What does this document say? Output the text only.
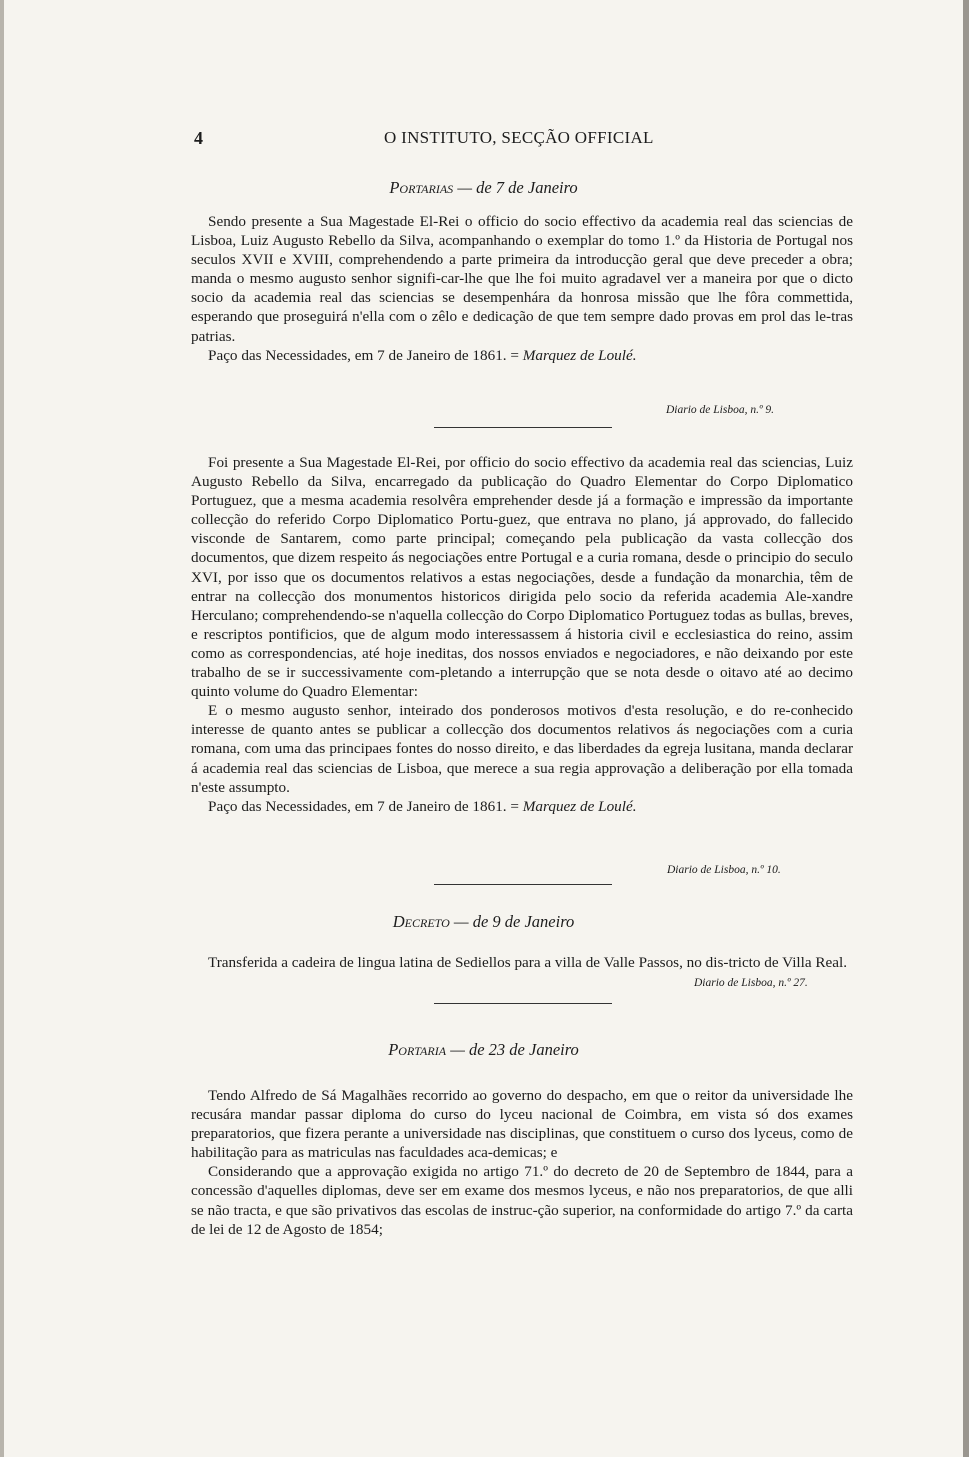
4	O INSTITUTO, SECÇÃO OFFICIAL
Portarias — de 7 de Janeiro

Sendo presente a Sua Magestade El-Rei o officio do socio effectivo da academia real das sciencias de Lisboa, Luiz Augusto Rebello da Silva, acompanhando o exemplar do tomo 1.º da Historia de Portugal nos seculos XVII e XVIII, comprehendendo a parte primeira da introducção geral que deve preceder a obra; manda o mesmo augusto senhor signifi-car-lhe que lhe foi muito agradavel ver a maneira por que o dicto socio da academia real das sciencias se desempenhára da honrosa missão que lhe fôra commettida, esperando que proseguirá n'ella com o zêlo e dedicação de que tem sempre dado provas em prol das le-tras patrias.

Paço das Necessidades, em 7 de Janeiro de 1861. = Marquez de Loulé.

Diario de Lisboa, n.º 9.

Foi presente a Sua Magestade El-Rei, por officio do socio effectivo da academia real das sciencias, Luiz Augusto Rebello da Silva, encarregado da publicação do Quadro Elementar do Corpo Diplomatico Portuguez, que a mesma academia resolvêra emprehender desde já a formação e impressão da importante collecção do referido Corpo Diplomatico Portu-guez, que entrava no plano, já approvado, do fallecido visconde de Santarem, como parte principal; começando pela publicação da vasta collecção dos documentos, que dizem respeito ás negociações entre Portugal e a curia romana, desde o principio do seculo XVI, por isso que os documentos relativos a estas negociações, desde a fundação da monarchia, têm de entrar na collecção dos monumentos historicos dirigida pelo socio da referida academia Ale-xandre Herculano; comprehendendo-se n'aquella collecção do Corpo Diplomatico Portuguez todas as bullas, breves, e rescriptos pontificios, que de algum modo interessassem á historia civil e ecclesiastica do reino, assim como as correspondencias, até hoje ineditas, dos nossos enviados e negociadores, e não deixando por este trabalho de se ir successivamente com-pletando a interrupção que se nota desde o oitavo até ao decimo quinto volume do Quadro Elementar:

E o mesmo augusto senhor, inteirado dos ponderosos motivos d'esta resolução, e do re-conhecido interesse de quanto antes se publicar a collecção dos documentos relativos ás negociações com a curia romana, com uma das principaes fontes do nosso direito, e das liberdades da egreja lusitana, manda declarar á academia real das sciencias de Lisboa, que merece a sua regia approvação a deliberação por ella tomada n'este assumpto.

Paço das Necessidades, em 7 de Janeiro de 1861. = Marquez de Loulé.

Diario de Lisboa, n.º 10.
Decreto — de 9 de Janeiro

Transferida a cadeira de lingua latina de Sediellos para a villa de Valle Passos, no dis-tricto de Villa Real.

Diario de Lisboa, n.º 27.
Portaria — de 23 de Janeiro

Tendo Alfredo de Sá Magalhães recorrido ao governo do despacho, em que o reitor da universidade lhe recusára mandar passar diploma do curso do lyceu nacional de Coimbra, em vista só dos exames preparatorios, que fizera perante a universidade nas disciplinas, que constituem o curso dos lyceus, como de habilitação para as matriculas nas faculdades aca-demicas; e

Considerando que a approvação exigida no artigo 71.º do decreto de 20 de Septembro de 1844, para a concessão d'aquelles diplomas, deve ser em exame dos mesmos lyceus, e não nos preparatorios, de que alli se não tracta, e que são privativos das escolas de instruc-ção superior, na conformidade do artigo 7.º da carta de lei de 12 de Agosto de 1854;
